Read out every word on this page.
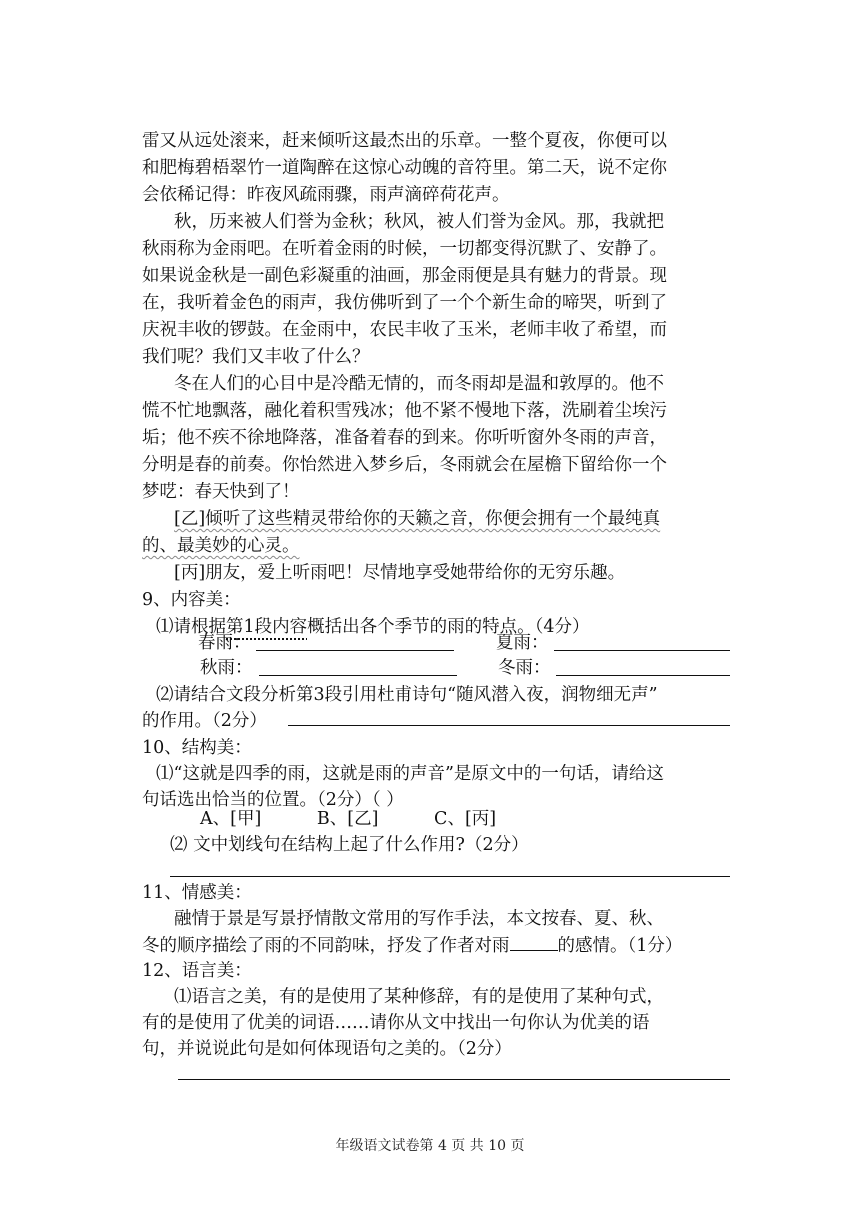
雷又从远处滚来，赶来倾听这最杰出的乐章。一整个夏夜，你便可以
和肥梅碧梧翠竹一道陶醉在这惊心动魄的音符里。第二天，说不定你
会依稀记得：昨夜风疏雨骤，雨声滴碎荷花声。
秋，历来被人们誉为金秋；秋风，被人们誉为金风。那，我就把
秋雨称为金雨吧。在听着金雨的时候，一切都变得沉默了、安静了。
如果说金秋是一副色彩凝重的油画，那金雨便是具有魅力的背景。现
在，我听着金色的雨声，我仿佛听到了一个个新生命的啼哭，听到了
庆祝丰收的锣鼓。在金雨中，农民丰收了玉米，老师丰收了希望，而
我们呢？我们又丰收了什么？
冬在人们的心目中是冷酷无情的，而冬雨却是温和敦厚的。他不
慌不忙地飘落，融化着积雪残冰；他不紧不慢地下落，洗刷着尘埃污
垢；他不疾不徐地降落，准备着春的到来。你听听窗外冬雨的声音，
分明是春的前奏。你怡然进入梦乡后，冬雨就会在屋檐下留给你一个
梦呓：春天快到了！
[乙]倾听了这些精灵带给你的天籁之音，你便会拥有一个最纯真
的、最美妙的心灵。
[丙]朋友，爱上听雨吧！尽情地享受她带给你的无穷乐趣。
9、内容美：
⑴请根据第1段内容概括出各个季节的雨的特点。（4分）
春雨：	夏雨：
秋雨：	冬雨：
⑵请结合文段分析第3段引用杜甫诗句“随风潜入夜，润物细无声”
的作用。（2分）
10、结构美：
⑴“这就是四季的雨，这就是雨的声音”是原文中的一句话，请给这
句话选出恰当的位置。（2分）（ ）
A、[甲]          B、[乙]          C、[丙]
⑵ 文中划线句在结构上起了什么作用?（2分）
11、情感美：
融情于景是写景抒情散文常用的写作手法，本文按春、夏、秋、
冬的顺序描绘了雨的不同韵味，抒发了作者对雨	的感情。（1分）
12、语言美：
⑴语言之美，有的是使用了某种修辞，有的是使用了某种句式，
有的是使用了优美的词语……请你从文中找出一句你认为优美的语
句，并说说此句是如何体现语句之美的。（2分）
年级语文试卷第 4 页 共 10 页
